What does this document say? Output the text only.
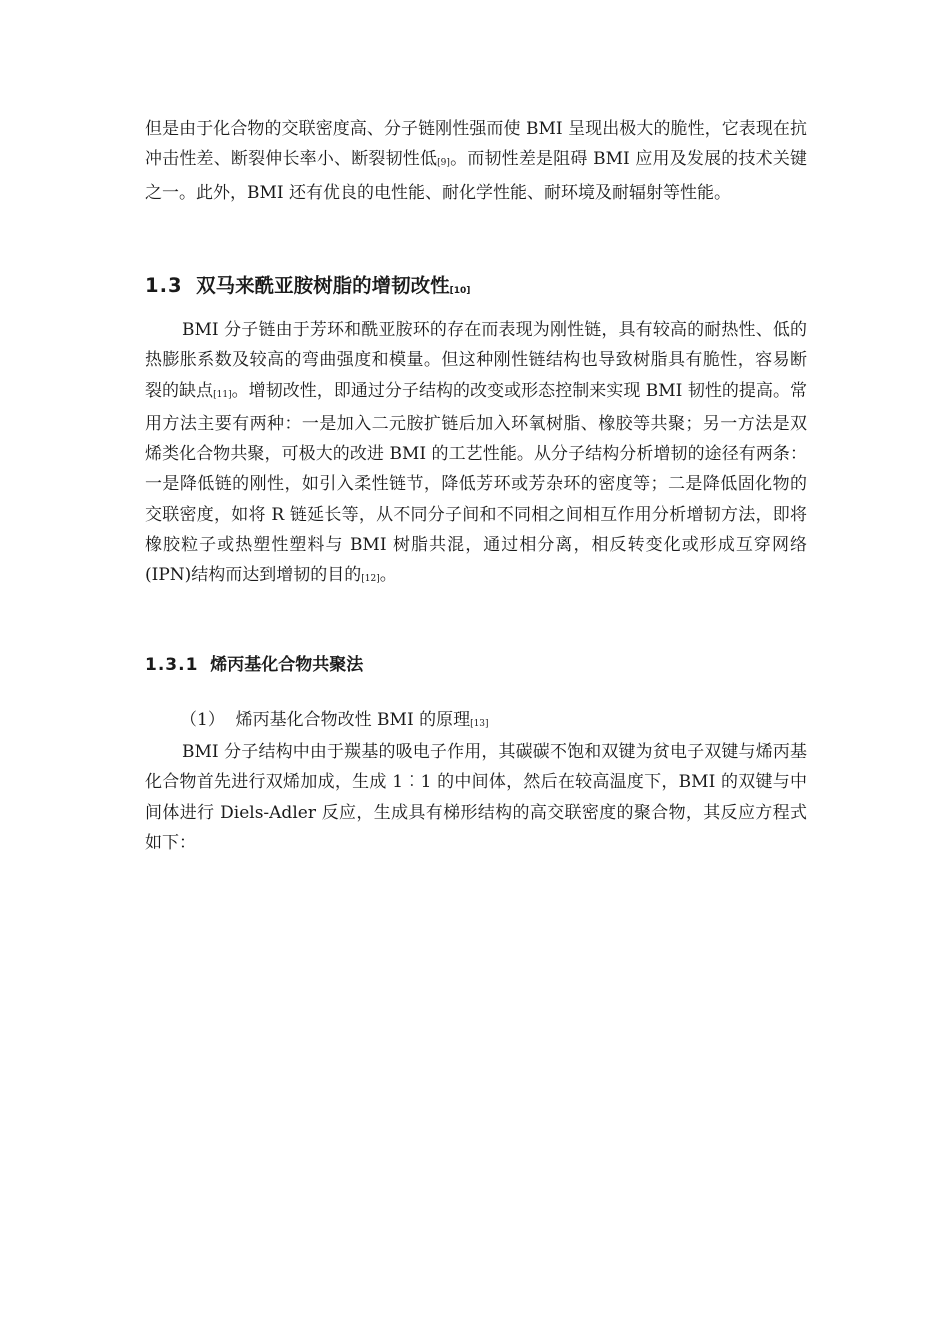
但是由于化合物的交联密度高、分子链刚性强而使 BMI 呈现出极大的脆性，它表现在抗冲击性差、断裂伸长率小、断裂韧性低[9]。而韧性差是阻碍 BMI 应用及发展的技术关键之一。此外，BMI 还有优良的电性能、耐化学性能、耐环境及耐辐射等性能。

1.3 双马来酰亚胺树脂的增韧改性[10]

BMI 分子链由于芳环和酰亚胺环的存在而表现为刚性链，具有较高的耐热性、低的热膨胀系数及较高的弯曲强度和模量。但这种刚性链结构也导致树脂具有脆性，容易断裂的缺点[11]。增韧改性，即通过分子结构的改变或形态控制来实现 BMI 韧性的提高。常用方法主要有两种：一是加入二元胺扩链后加入环氧树脂、橡胶等共聚；另一方法是双烯类化合物共聚，可极大的改进 BMI 的工艺性能。从分子结构分析增韧的途径有两条：一是降低链的刚性，如引入柔性链节，降低芳环或芳杂环的密度等；二是降低固化物的交联密度，如将 R 链延长等，从不同分子间和不同相之间相互作用分析增韧方法，即将橡胶粒子或热塑性塑料与 BMI 树脂共混，通过相分离，相反转变化或形成互穿网络(IPN)结构而达到增韧的目的[12]。

1.3.1 烯丙基化合物共聚法
（1） 烯丙基化合物改性 BMI 的原理[13]

BMI 分子结构中由于羰基的吸电子作用，其碳碳不饱和双键为贫电子双键与烯丙基化合物首先进行双烯加成，生成 1︰1 的中间体，然后在较高温度下，BMI 的双键与中间体进行 Diels-Adler 反应，生成具有梯形结构的高交联密度的聚合物，其反应方程式如下：
